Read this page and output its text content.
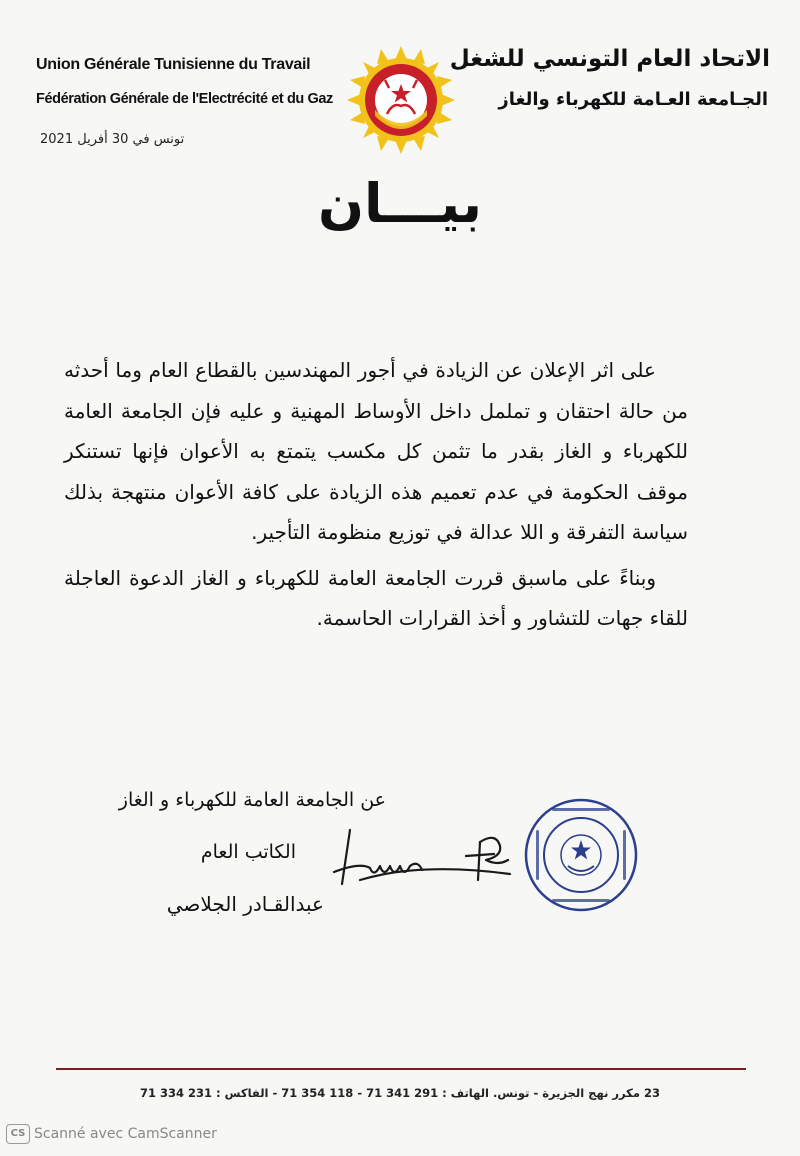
Union Générale Tunisienne du Travail
Fédération Générale de l'Electrécité et du Gaz
تونس في 30 أفريل 2021
الاتحاد العام التونسي للشغل
الجـامعة العـامة للكهرباء والغاز
بيـــان

على اثر الإعلان عن الزيادة في أجور المهندسين بالقطاع العام وما أحدثه من حالة احتقان و تململ داخل الأوساط المهنية و عليه فإن الجامعة العامة للكهرباء و الغاز بقدر ما تثمن كل مكسب يتمتع به الأعوان فإنها تستنكر موقف الحكومة في عدم تعميم هذه الزيادة على كافة الأعوان منتهجة بذلك سياسة التفرقة و اللا عدالة في توزيع منظومة التأجير.

وبناءً على ماسبق قررت الجامعة العامة للكهرباء و الغاز الدعوة العاجلة للقاء جهات للتشاور و أخذ القرارات الحاسمة.

عن الجامعة العامة للكهرباء و الغاز
الكاتب العام
عبدالقـادر الجلاصي
23 مكرر نهج الجزيرة - تونس. الهاتف : 291 341 71 - 118 354 71 - الفاكس : 231 334 71
CS Scanné avec CamScanner
